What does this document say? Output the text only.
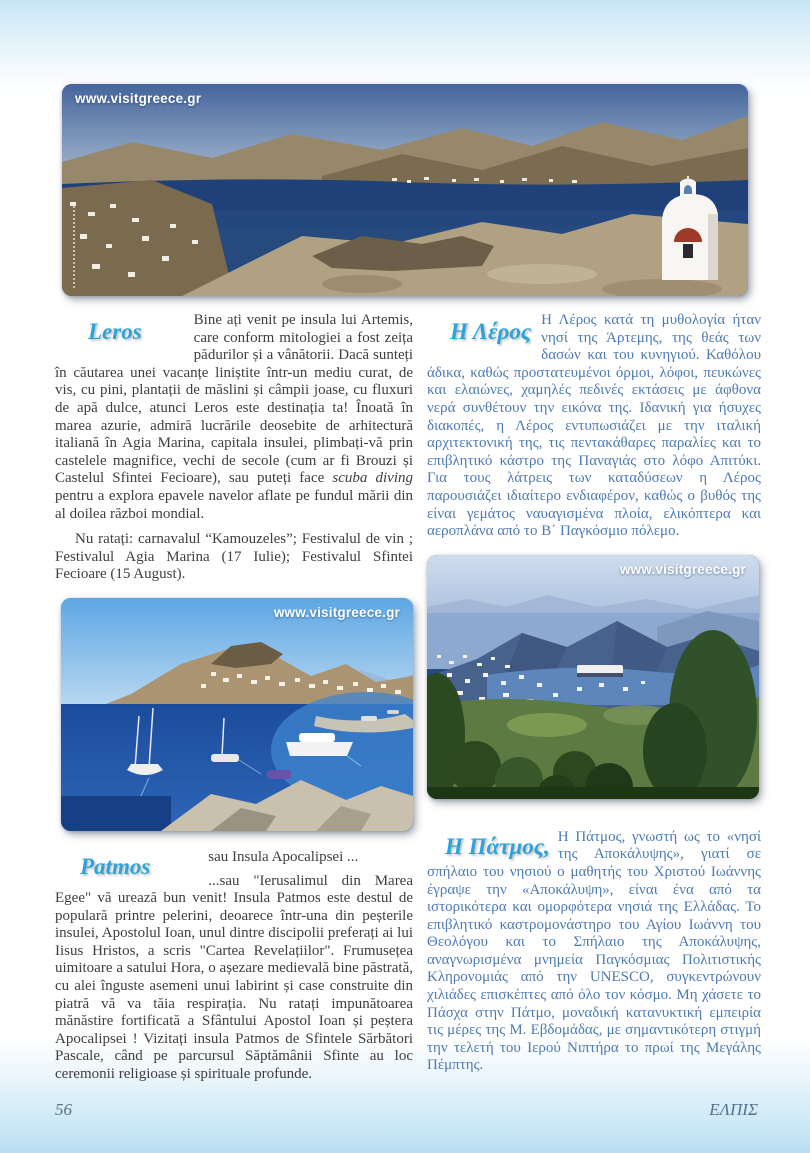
www.visitgreece.gr
Leros	Bine ați venit pe insula lui Artemis, care conform mitologiei a fost zeița pădurilor și a vânătorii. Dacă sunteți în căutarea unei vacanțe liniștite într-un mediu curat, de vis, cu pini, plantații de măslini și câmpii joase, cu fluxuri de apă dulce, atunci Leros este destinația ta! Înoată în marea azurie, admiră lucrările deosebite de arhitectură italiană în Agia Marina, capitala insulei, plimbați-vă prin castelele magnifice, vechi de secole (cum ar fi Brouzi și Castelul Sfintei Fecioare), sau puteți face scuba diving pentru a explora epavele navelor aflate pe fundul mării din al doilea război mondial.

Nu ratați: carnavalul “Kamouzeles”; Festivalul de vin ; Festivalul Agia Marina (17 Iulie); Festivalul Sfintei Fecioare (15 August).

www.visitgreece.gr
Patmos	sau Insula Apocalipsei ...

...sau "Ierusalimul din Marea Egee" vă urează bun venit! Insula Patmos este destul de populară printre pelerini, deoarece într-una din peșterile insulei, Apostolul Ioan, unul dintre discipolii preferați ai lui Iisus Hristos, a scris "Cartea Revelațiilor". Frumusețea uimitoare a satului Hora, o așezare medievală bine păstrată, cu alei înguste asemeni unui labirint și case construite din piatră vă va tăia respirația. Nu ratați impunătoarea mănăstire fortificată a Sfântului Apostol Ioan și peștera Apocalipsei ! Vizitați insula Patmos de Sfintele Sărbători Pascale, când pe parcursul Săptămânii Sfinte au loc ceremonii religioase și spirituale profunde.

Η Λέρος Η Λέρος κατά τη μυθολογία ήταν νησί της Άρτεμης, της θεάς των δασών και του κυνηγιού. Καθόλου άδικα, καθώς προστατευμένοι όρμοι, λόφοι, πευκώνες και ελαιώνες, χαμηλές πεδινές εκτάσεις με άφθονα νερά συνθέτουν την εικόνα της. Ιδανική για ήσυχες διακοπές, η Λέρος εντυπωσιάζει με την ιταλική αρχιτεκτονική της, τις πεντακάθαρες παραλίες και το επιβλητικό κάστρο της Παναγιάς στο λόφο Απιτύκι. Για τους λάτρεις των καταδύσεων η Λέρος παρουσιάζει ιδιαίτερο ενδιαφέρον, καθώς ο βυθός της είναι γεμάτος ναυαγισμένα πλοία, ελικόπτερα και αεροπλάνα από το Β΄ Παγκόσμιο πόλεμο.

www.visitgreece.gr
Η Πάτμος, Η Πάτμος, γνωστή ως το «νησί της Αποκάλυψης», γιατί σε σπήλαιο του νησιού ο μαθητής του Χριστού Ιωάννης έγραψε την «Αποκάλυψη», είναι ένα από τα ιστορικότερα και ομορφότερα νησιά της Ελλάδας. Το επιβλητικό καστρομονάστηρο του Αγίου Ιωάννη του Θεολόγου και το Σπήλαιο της Αποκάλυψης, αναγνωρισμένα μνημεία Παγκόσμιας Πολιτιστικής Κληρονομιάς από την UNESCO, συγκεντρώνουν χιλιάδες επισκέπτες από όλο τον κόσμο. Μη χάσετε το Πάσχα στην Πάτμο, μοναδική κατανυκτική εμπειρία τις μέρες της Μ. Εβδομάδας, με σημαντικότερη στιγμή την τελετή του Ιερού Νιπτήρα το πρωί της Μεγάλης Πέμπτης.

56	ΕΛΠΙΣ
